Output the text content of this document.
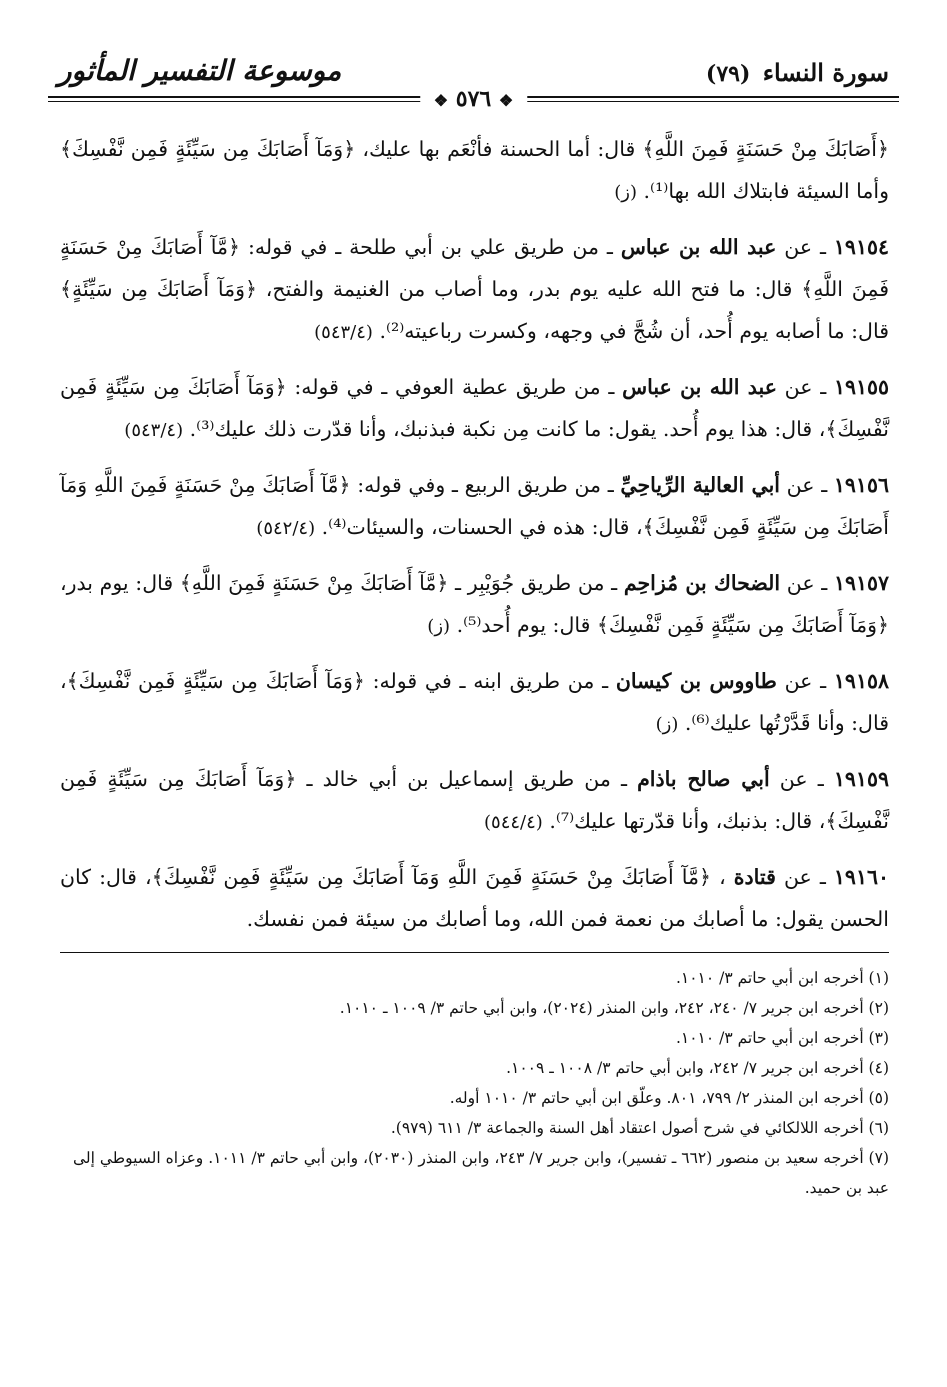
سورة النساء (٧٩)
موسوعة التفسير المأثور
❖ ٥٧٦ ❖

﴿أَصَابَكَ مِنْ حَسَنَةٍ فَمِنَ اللَّهِ﴾ قال: أما الحسنة فأنْعَم بها عليك، ﴿وَمَآ أَصَابَكَ مِن سَيِّئَةٍ فَمِن نَّفْسِكَ﴾ وأما السيئة فابتلاك الله بها⁽¹⁾. (ز)

١٩١٥٤ ـ عن عبد الله بن عباس ـ من طريق علي بن أبي طلحة ـ في قوله: ﴿مَّآ أَصَابَكَ مِنْ حَسَنَةٍ فَمِنَ اللَّهِ﴾ قال: ما فتح الله عليه يوم بدر، وما أصاب من الغنيمة والفتح، ﴿وَمَآ أَصَابَكَ مِن سَيِّئَةٍ﴾ قال: ما أصابه يوم أُحد، أن شُجَّ في وجهه، وكسرت رباعيته⁽²⁾. (٥٤٣/٤)

١٩١٥٥ ـ عن عبد الله بن عباس ـ من طريق عطية العوفي ـ في قوله: ﴿وَمَآ أَصَابَكَ مِن سَيِّئَةٍ فَمِن نَّفْسِكَ﴾، قال: هذا يوم أُحد. يقول: ما كانت مِن نكبة فبذنبك، وأنا قدّرت ذلك عليك⁽³⁾. (٥٤٣/٤)

١٩١٥٦ ـ عن أبي العالية الرِّياحِيِّ ـ من طريق الربيع ـ وفي قوله: ﴿مَّآ أَصَابَكَ مِنْ حَسَنَةٍ فَمِنَ اللَّهِ وَمَآ أَصَابَكَ مِن سَيِّئَةٍ فَمِن نَّفْسِكَ﴾، قال: هذه في الحسنات، والسيئات⁽⁴⁾. (٥٤٢/٤)

١٩١٥٧ ـ عن الضحاك بن مُزاحِم ـ من طريق جُوَيْبِر ـ ﴿مَّآ أَصَابَكَ مِنْ حَسَنَةٍ فَمِنَ اللَّهِ﴾ قال: يوم بدر، ﴿وَمَآ أَصَابَكَ مِن سَيِّئَةٍ فَمِن نَّفْسِكَ﴾ قال: يوم أُحد⁽⁵⁾. (ز)

١٩١٥٨ ـ عن طاووس بن كيسان ـ من طريق ابنه ـ في قوله: ﴿وَمَآ أَصَابَكَ مِن سَيِّئَةٍ فَمِن نَّفْسِكَ﴾، قال: وأنا قَدَّرْتُها عليك⁽⁶⁾. (ز)

١٩١٥٩ ـ عن أبي صالح باذام ـ من طريق إسماعيل بن أبي خالد ـ ﴿وَمَآ أَصَابَكَ مِن سَيِّئَةٍ فَمِن نَّفْسِكَ﴾، قال: بذنبك، وأنا قدّرتها عليك⁽⁷⁾. (٥٤٤/٤)

١٩١٦٠ ـ عن قتادة ، ﴿مَّآ أَصَابَكَ مِنْ حَسَنَةٍ فَمِنَ اللَّهِ وَمَآ أَصَابَكَ مِن سَيِّئَةٍ فَمِن نَّفْسِكَ﴾، قال: كان الحسن يقول: ما أصابك من نعمة فمن الله، وما أصابك من سيئة فمن نفسك.

(١) أخرجه ابن أبي حاتم ٣/ ١٠١٠.
(٢) أخرجه ابن جرير ٧/ ٢٤٠، ٢٤٢، وابن المنذر (٢٠٢٤)، وابن أبي حاتم ٣/ ١٠٠٩ ـ ١٠١٠.
(٣) أخرجه ابن أبي حاتم ٣/ ١٠١٠.
(٤) أخرجه ابن جرير ٧/ ٢٤٢، وابن أبي حاتم ٣/ ١٠٠٨ ـ ١٠٠٩.
(٥) أخرجه ابن المنذر ٢/ ٧٩٩، ٨٠١. وعلّق ابن أبي حاتم ٣/ ١٠١٠ أوله.
(٦) أخرجه اللالكائي في شرح أصول اعتقاد أهل السنة والجماعة ٣/ ٦١١ (٩٧٩).
(٧) أخرجه سعيد بن منصور (٦٦٢ ـ تفسير)، وابن جرير ٧/ ٢٤٣، وابن المنذر (٢٠٣٠)، وابن أبي حاتم ٣/ ١٠١١. وعزاه السيوطي إلى عبد بن حميد.
